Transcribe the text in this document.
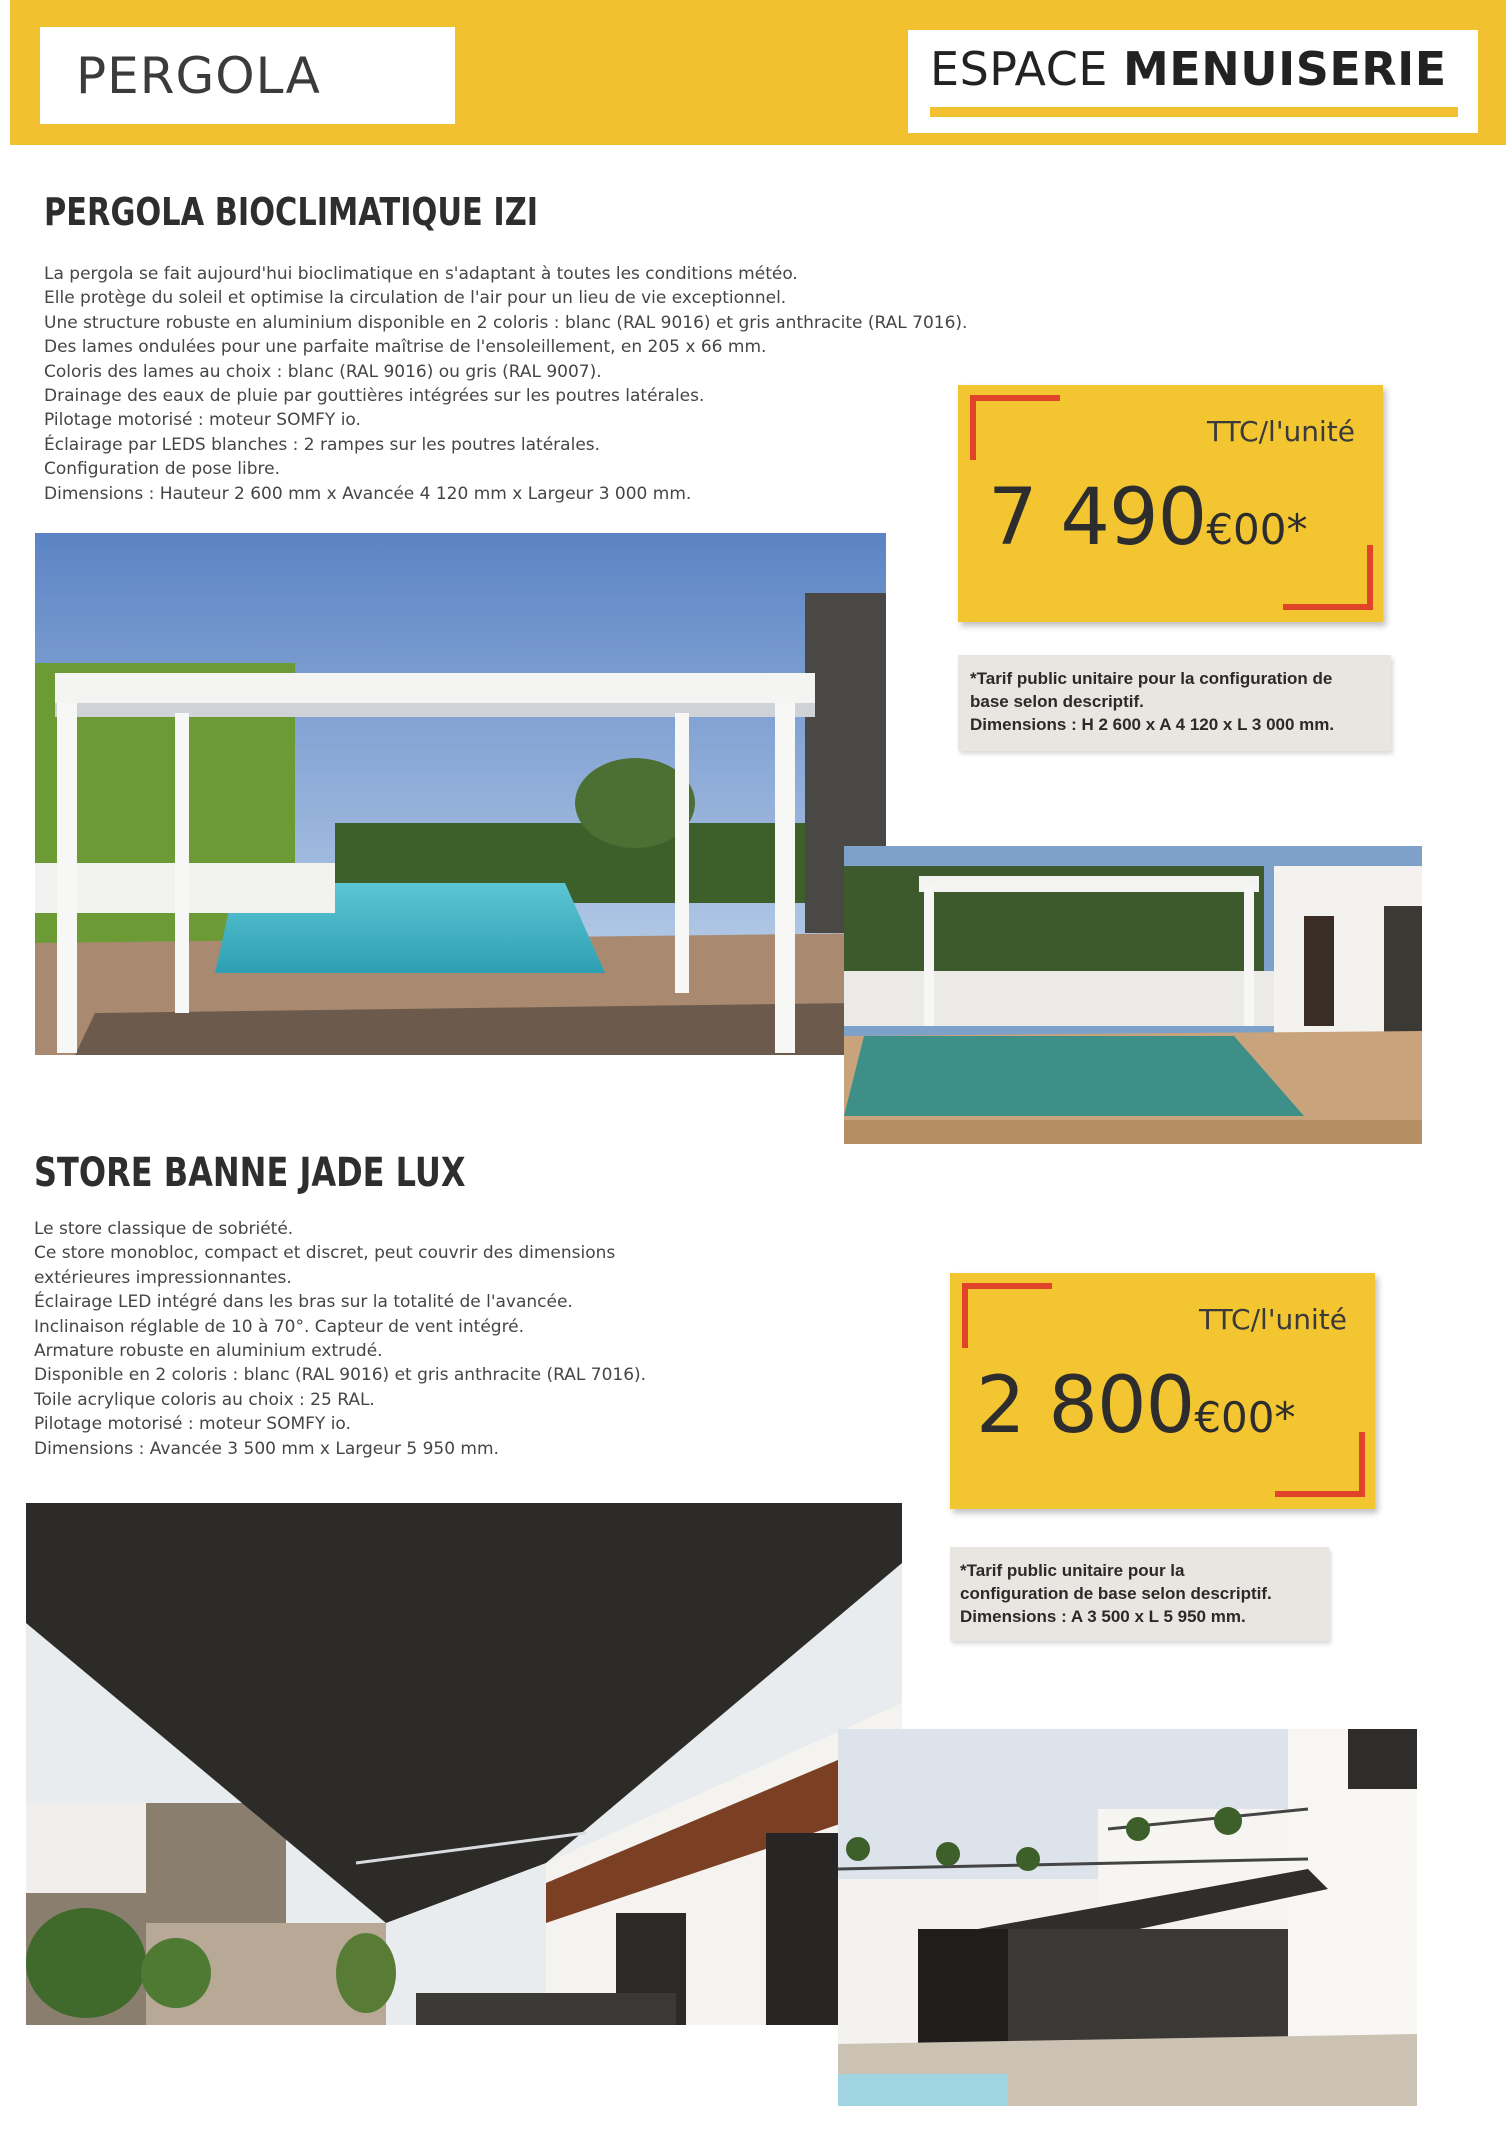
PERGOLA	ESPACE MENUISERIE
PERGOLA BIOCLIMATIQUE IZI
La pergola se fait aujourd'hui bioclimatique en s'adaptant à toutes les conditions météo.
Elle protège du soleil et optimise la circulation de l'air pour un lieu de vie exceptionnel.
Une structure robuste en aluminium disponible en 2 coloris : blanc (RAL 9016) et gris anthracite (RAL 7016).
Des lames ondulées pour une parfaite maîtrise de l'ensoleillement, en 205 x 66 mm.
Coloris des lames au choix : blanc (RAL 9016) ou gris (RAL 9007).
Drainage des eaux de pluie par gouttières intégrées sur les poutres latérales.
Pilotage motorisé : moteur SOMFY io.
Éclairage par LEDS blanches : 2 rampes sur les poutres latérales.
Configuration de pose libre.
Dimensions : Hauteur 2 600 mm x Avancée 4 120 mm x Largeur 3 000 mm.
TTC/l'unité
7 490€00*
*Tarif public unitaire pour la configuration de
base selon descriptif.
Dimensions : H 2 600 x A 4 120 x L 3 000 mm.
STORE BANNE JADE LUX
Le store classique de sobriété.
Ce store monobloc, compact et discret, peut couvrir des dimensions
extérieures impressionnantes.
Éclairage LED intégré dans les bras sur la totalité de l'avancée.
Inclinaison réglable de 10 à 70°. Capteur de vent intégré.
Armature robuste en aluminium extrudé.
Disponible en 2 coloris : blanc (RAL 9016) et gris anthracite (RAL 7016).
Toile acrylique coloris au choix : 25 RAL.
Pilotage motorisé : moteur SOMFY io.
Dimensions : Avancée 3 500 mm x Largeur 5 950 mm.
TTC/l'unité
2 800€00*
*Tarif public unitaire pour la
configuration de base selon descriptif.
Dimensions : A 3 500 x L 5 950 mm.
